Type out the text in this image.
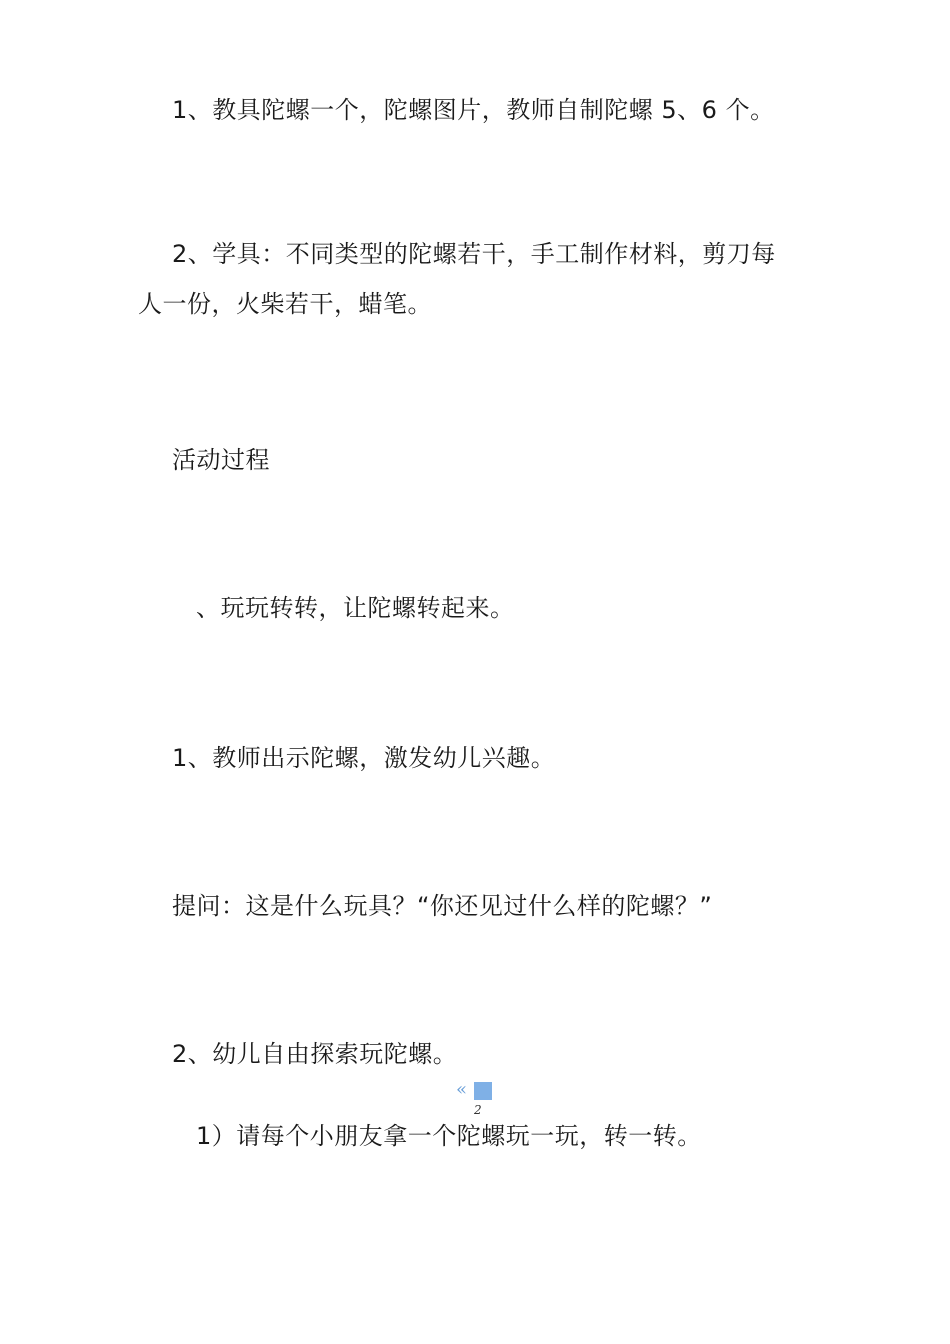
1、教具陀螺一个，陀螺图片，教师自制陀螺 5、6 个。
2、学具：不同类型的陀螺若干，手工制作材料，剪刀每
人一份，火柴若干，蜡笔。
活动过程
、玩玩转转，让陀螺转起来。
1、教师出示陀螺，激发幼儿兴趣。
提问：这是什么玩具？“你还见过什么样的陀螺？”
2、幼儿自由探索玩陀螺。
1）请每个小朋友拿一个陀螺玩一玩，转一转。
«
2
